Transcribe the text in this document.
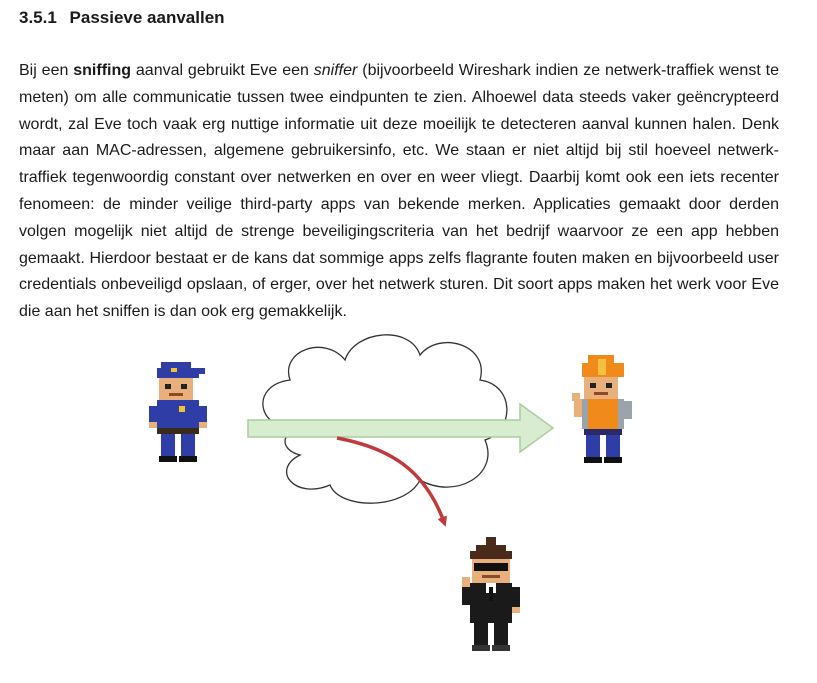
3.5.1 Passieve aanvallen
Bij een sniffing aanval gebruikt Eve een sniffer (bijvoorbeeld Wireshark indien ze netwerk-traffiek wenst te meten) om alle communicatie tussen twee eindpunten te zien. Alhoewel data steeds vaker geëncrypteerd wordt, zal Eve toch vaak erg nuttige informatie uit deze moeilijk te detecteren aanval kunnen halen. Denk maar aan MAC-adressen, algemene gebruikersinfo, etc. We staan er niet altijd bij stil hoeveel netwerk-traffiek tegenwoordig constant over netwerken en over en weer vliegt. Daarbij komt ook een iets recenter fenomeen: de minder veilige third-party apps van bekende merken. Applicaties gemaakt door derden volgen mogelijk niet altijd de strenge beveiligingscriteria van het bedrijf waarvoor ze een app hebben gemaakt. Hierdoor bestaat er de kans dat sommige apps zelfs flagrante fouten maken en bijvoorbeeld user credentials onbeveiligd opslaan, of erger, over het netwerk sturen. Dit soort apps maken het werk voor Eve die aan het sniffen is dan ook erg gemakkelijk.
